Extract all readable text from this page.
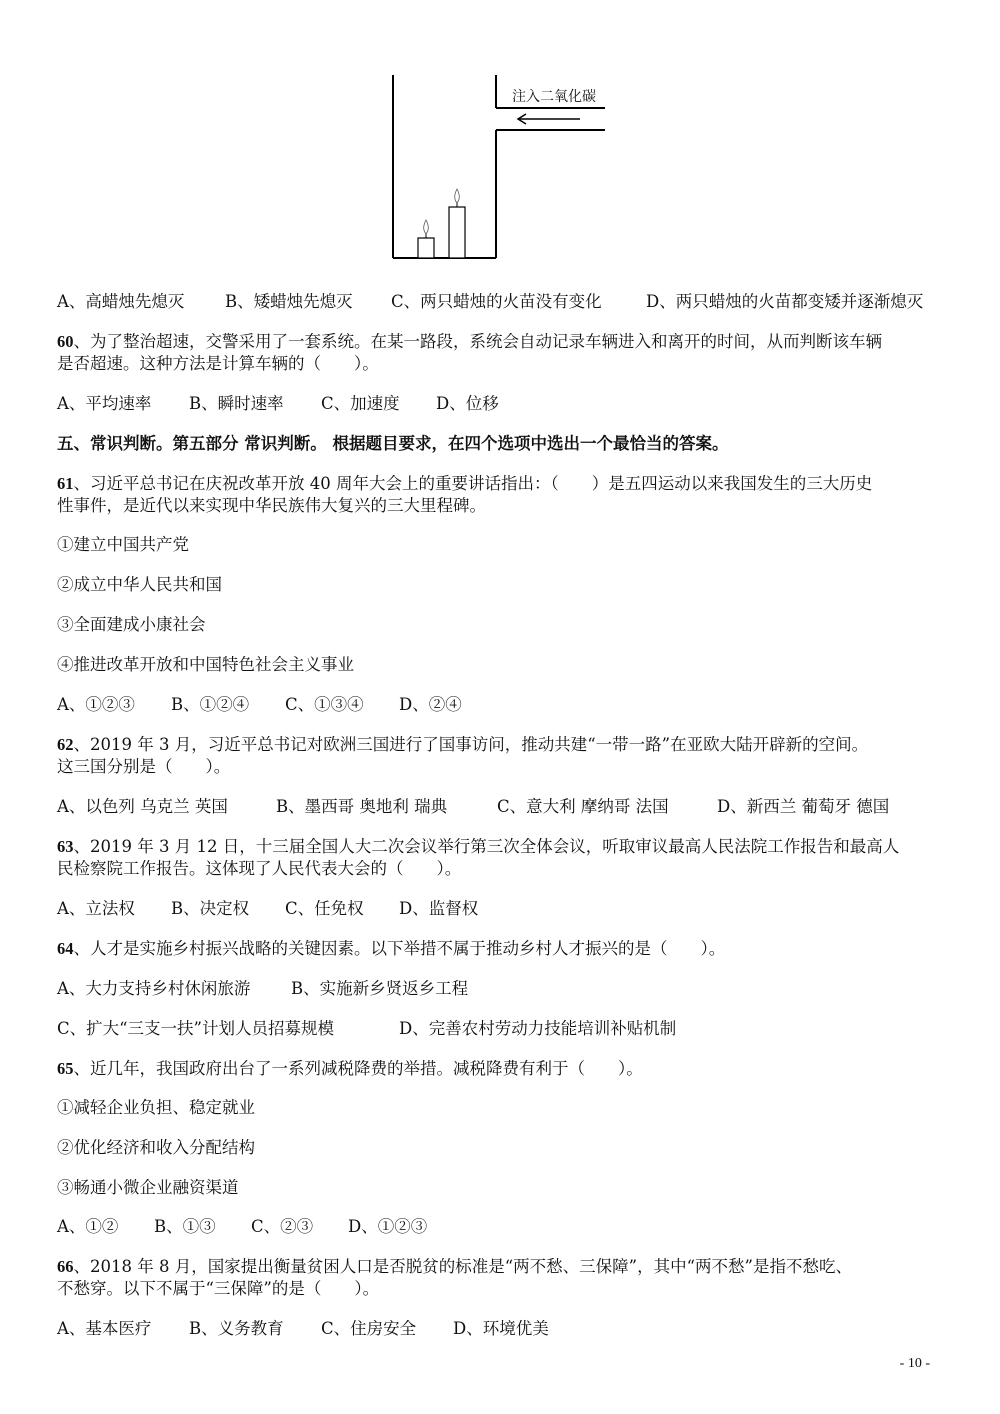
注入二氧化碳
A、高蜡烛先熄灭 B、矮蜡烛先熄灭 C、两只蜡烛的火苗没有变化	D、两只蜡烛的火苗都变矮并逐渐熄灭
60、为了整治超速，交警采用了一套系统。在某一路段，系统会自动记录车辆进入和离开的时间，从而判断该车辆
是否超速。这种方法是计算车辆的（　　）。
A、平均速率 B、瞬时速率 C、加速度 D、位移
五、常识判断。第五部分 常识判断。 根据题目要求，在四个选项中选出一个最恰当的答案。
61、习近平总书记在庆祝改革开放 40 周年大会上的重要讲话指出：（　　）是五四运动以来我国发生的三大历史
性事件，是近代以来实现中华民族伟大复兴的三大里程碑。
①建立中国共产党
②成立中华人民共和国
③全面建成小康社会
④推进改革开放和中国特色社会主义事业
A、①②③ B、①②④ C、①③④ D、②④
62、2019 年 3 月，习近平总书记对欧洲三国进行了国事访问，推动共建“一带一路”在亚欧大陆开辟新的空间。
这三国分别是（　　）。
A、以色列 乌克兰 英国	B、墨西哥 奥地利 瑞典	C、意大利 摩纳哥 法国	D、新西兰 葡萄牙 德国
63、2019 年 3 月 12 日，十三届全国人大二次会议举行第三次全体会议，听取审议最高人民法院工作报告和最高人
民检察院工作报告。这体现了人民代表大会的（　　）。
A、立法权 B、决定权 C、任免权 D、监督权
64、人才是实施乡村振兴战略的关键因素。以下举措不属于推动乡村人才振兴的是（　　）。
A、大力支持乡村休闲旅游 B、实施新乡贤返乡工程
C、扩大“三支一扶”计划人员招募规模	D、完善农村劳动力技能培训补贴机制
65、近几年，我国政府出台了一系列减税降费的举措。减税降费有利于（　　）。
①减轻企业负担、稳定就业
②优化经济和收入分配结构
③畅通小微企业融资渠道
A、①② B、①③ C、②③ D、①②③
66、2018 年 8 月，国家提出衡量贫困人口是否脱贫的标准是“两不愁、三保障”，其中“两不愁”是指不愁吃、
不愁穿。以下不属于“三保障”的是（　　）。
A、基本医疗 B、义务教育 C、住房安全 D、环境优美
- 10 -
